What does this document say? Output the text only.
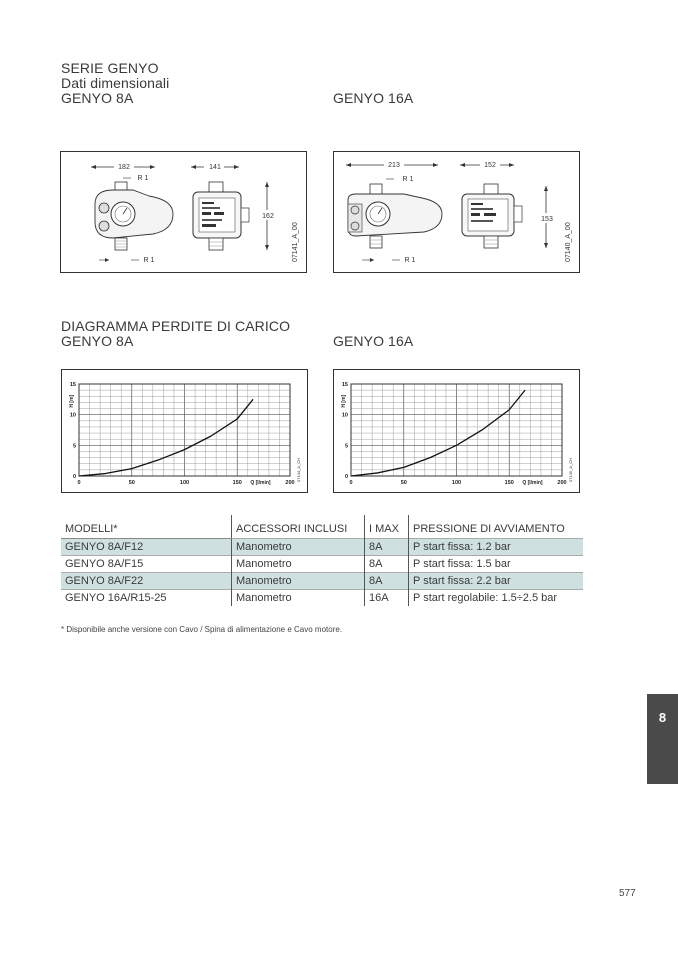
SERIE GENYO
Dati dimensionali
GENYO 8A	GENYO 16A
182
R 1
R 1
141
162
07141_A_00
213
R 1
R 1
152
153
07140_A_00
DIAGRAMMA PERDITE DI CARICO
GENYO 8A	GENYO 16A
0	50	100	150	200
0
5
10
15
Q [l/min]
H [m]
07144_A_CH
0	50	100	150	200
0
5
10
15
Q [l/min]
H [m]
07145_A_CH
MODELLI*	ACCESSORI INCLUSI	I MAX	PRESSIONE DI AVVIAMENTO
GENYO 8A/F12	Manometro	8A	P start fissa: 1.2 bar
GENYO 8A/F15	Manometro	8A	P start fissa: 1.5 bar
GENYO 8A/F22	Manometro	8A	P start fissa: 2.2 bar
GENYO 16A/R15-25	Manometro	16A	P start regolabile: 1.5÷2.5 bar
* Disponibile anche versione con Cavo / Spina di alimentazione e Cavo motore.
8
577
